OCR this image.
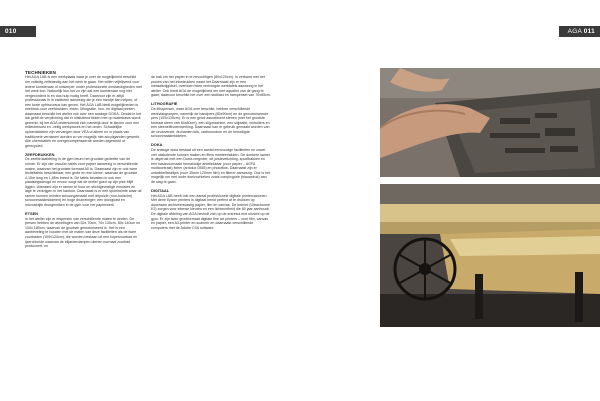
010 AGA
AGA 011
TECHNIEKEN

Het AGA LAB is een werkplaats waar je over de mogelijkheid beschikt om volledig zelfstandig aan het werk te gaan. Het willen vrijblijvend voor iedere kunstenaar of ontwerper onder professionele omstandigheden met het werk kon. Natuurlijk kun het zo zijn dat een kunstenaar nog niet vergevorderd is en dus hulp nodig heeft. Daarvoor zijn er altijd professionals in in instituten aanwezig die je een handje kan helpen, of een korte opfriscursus kan geven. Het AGA LAB biedt mogelijkheden in zeefdruk-voor zeefdrukken, etsen, lithografie, hoo- en digitaal printen, daarnaast beschikt het atelier ook over een analoge DOKA. Omdat in het lab geldt de verplichting dat er uitsluitend tikken met op waterbasis wordt gewerkt, bij het AGA onderscheidt zich namelijk door te kiezen voor een milieubewust en -veilig werkproces en het omen. Schadelijke oplosmiddelen zijn vervangen door VEA of alleen en in plaats van traditionele vernissen worden zo ver mogelijk niet accyliganden gewerkt. Alle chemicaliën en overgecompenseerde worden afgewerkt of gerecycled.

ZEEFDRUKKEN

De zeefdrukafdeling in de gym beum het grootste gedeelte van de ruimte. Er zijn vier vacuüm tafels voor papier aanwezig in verschillende maten, waarvan het grootste formaat A0 is. Daarnaast zijn er ook twee textieltafels beschikbaar, een grote en een kleine, waarvan de grootste 4,15m lang en 1,85m breed is. De tafels bevatten in ook een plaatsingsdeugd en ervoor zorgt dat de textiel goed op zijn plek blijft liggen. Uiteraard zijn er ramen te huur en stichtgevoelige emulsies en lage te verkrijgen in het kantoor. Daarnaast is er een spoelruimte waar uit ramen kunnen worden schoongemaakt met dripuizie (non-toxische) schoonmaakmiddelen) en hoge drukreiniger; een droogkast en microaluijtk droogenkken in de gym voor het papierwerk.

ETSEN

In het atelier zijn er etspersen van verschillende maten te vinden. De persen hebben de afmetingen van 52x 70cm, 70x 130cm, 80x 140cm en 100x 180cm, waarvan de grootste gemotoriseerd is. Het is een aanbeveling te houden met de maten van deze faciliteiten als de twee zuurbaden (100x120cm), die worden bestaan uit een koperzuurbad en ijzerchloride waarvan de biljarderdampen dienen normaal zuurbad produceert, en

de bak om het papier in te bevochtigen (80x120cm). In verband met het proces van het inbedrukken naast het Daarnaast zijn er een metaalsnijgidsel, overdoen twee verhoogde werktafels aanwezig in het atelier. Ook biedt AGA de mogelijkheid om met aquatint van de gang te gaan; daarvoor beschikt het over een stofkast en hampenset van 70x85cm.

LITHOGRAFIE

De lithopersen, waar AGA over beschikt, hebben verschillende werkvlakgroepen, namelijk de handpers (65x90cm) en de gemotoriseerde pers (100x130cm). Er is een groot assortiment stenen (met het grootste formaat steen van 60x80cm), een slijpmachine, een slijptafel, inktrollers en een steenelithoemwerking. Daarnaast kan er gebruik gemaakt worden van de ceulovende, drohamen kits, carborundum en de benodigde schoonmaakmiddelen.

DOKA

De analoge doka bestaat uit een aantal eenvoudige faciliteiten en zowel vrel uitsluitende kunnen maken en films monteerlakken. De donkere kamer is uitgerust met een Durst-vergroter, de juistevelichting, spoelbakken en een basisvoornaakt hemaklokje anteilekkaar (voor papier – AGFA multicontrast) fixeer (ardolux 0555) en photoflow. Daarnaast zijn er ontwikkelfanklijes (voor 35mm 120mm film) en filterer aanwezig. Ook is het mogelijk om met oude doelzochieken zoals compicgorie (blauwdruk) aan de slag te gaan.

DIGITAAL

Het AGA LAB heeft ook een aantal professionele digitale printercazionen. Met dene Epson printers is digitaal beeld perfect af te drukken op duurzaam archiveersvastig papier, film en canvas. De Imbrint (Ultrachrome K3) zorgen voor intense kleuren en een lichtechtheid die 80 jaar aanhoudt. De digitale afdeling van AGA bevindt zich op de entresol met uitzicht op de gym. Er zijn twee grootformaat digitale fine art printers – voor film, canvas en papier, een A3-printer en-scanner en daarnaast verschillende computers met de Adobe CS6 software.
